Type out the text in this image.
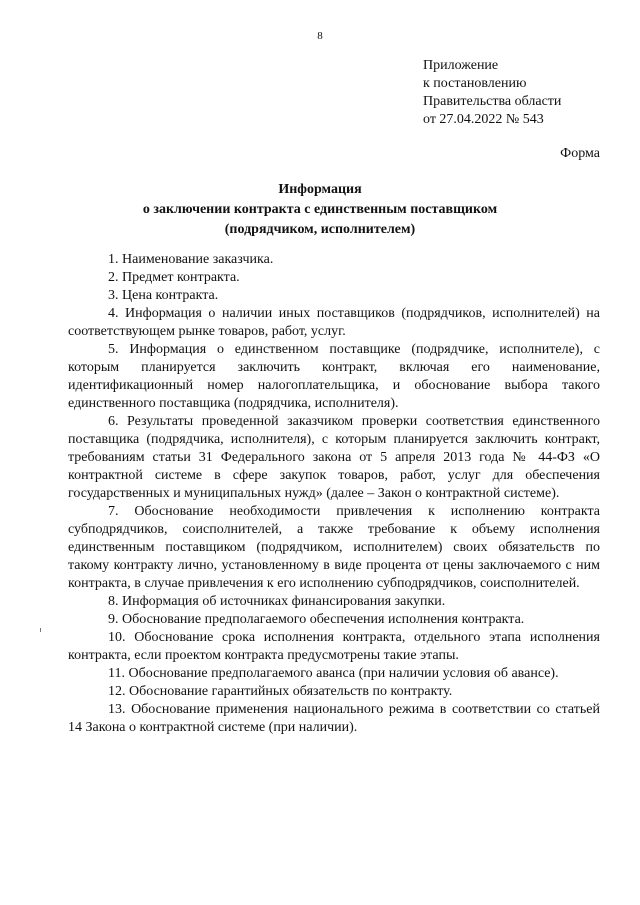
8
Приложение
к постановлению
Правительства области
от 27.04.2022 № 543
Форма
Информация
о заключении контракта с единственным поставщиком
(подрядчиком, исполнителем)

1. Наименование заказчика.

2. Предмет контракта.

3. Цена контракта.

4. Информация о наличии иных поставщиков (подрядчиков, исполнителей) на соответствующем рынке товаров, работ, услуг.

5. Информация о единственном поставщике (подрядчике, исполнителе), с которым планируется заключить контракт, включая его наименование, идентификационный номер налогоплательщика, и обоснование выбора такого единственного поставщика (подрядчика, исполнителя).

6. Результаты проведенной заказчиком проверки соответствия единственного поставщика (подрядчика, исполнителя), с которым планируется заключить контракт, требованиям статьи 31 Федерального закона от 5 апреля 2013 года № 44-ФЗ «О контрактной системе в сфере закупок товаров, работ, услуг для обеспечения государственных и муниципальных нужд» (далее – Закон о контрактной системе).

7. Обоснование необходимости привлечения к исполнению контракта субподрядчиков, соисполнителей, а также требование к объему исполнения единственным поставщиком (подрядчиком, исполнителем) своих обязательств по такому контракту лично, установленному в виде процента от цены заключаемого с ним контракта, в случае привлечения к его исполнению субподрядчиков, соисполнителей.

8. Информация об источниках финансирования закупки.

9. Обоснование предполагаемого обеспечения исполнения контракта.

10. Обоснование срока исполнения контракта, отдельного этапа исполнения контракта, если проектом контракта предусмотрены такие этапы.

11. Обоснование предполагаемого аванса (при наличии условия об авансе).

12. Обоснование гарантийных обязательств по контракту.

13. Обоснование применения национального режима в соответствии со статьей 14 Закона о контрактной системе (при наличии).
